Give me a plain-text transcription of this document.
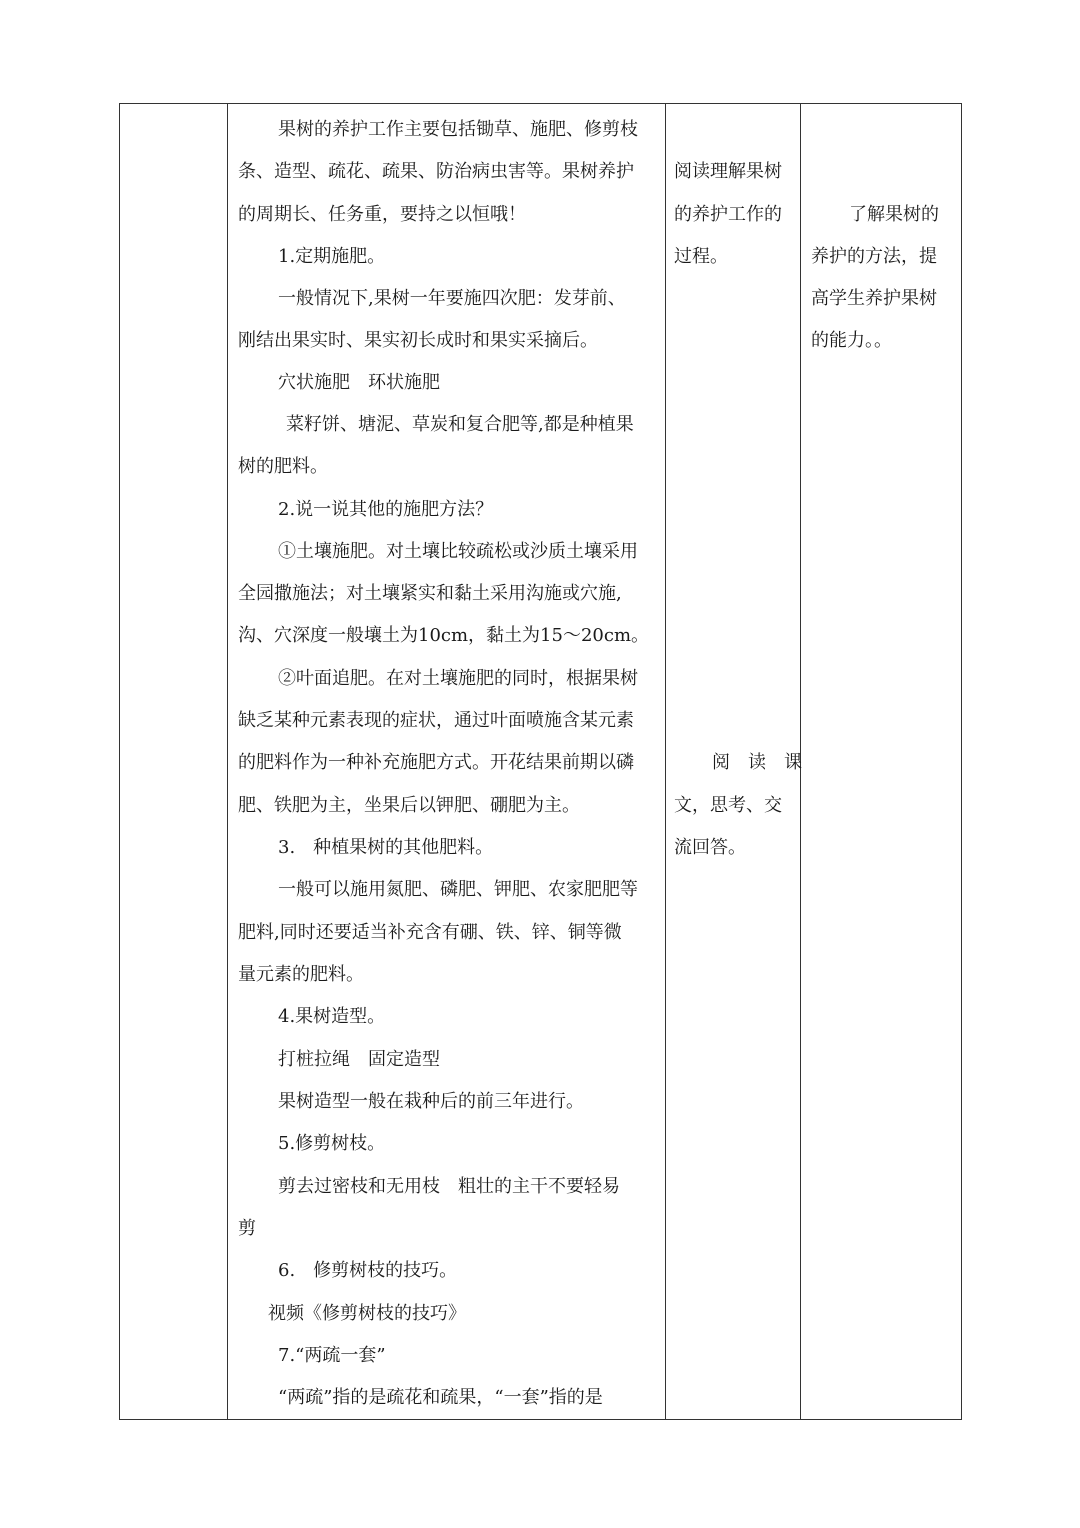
果树的养护工作主要包括锄草、施肥、修剪枝
条、造型、疏花、疏果、防治病虫害等。果树养护
的周期长、任务重，要持之以恒哦！
1.定期施肥。
一般情况下,果树一年要施四次肥：发芽前、
刚结出果实时、果实初长成时和果实采摘后。
穴状施肥　环状施肥
菜籽饼、塘泥、草炭和复合肥等,都是种植果
树的肥料。
2.说一说其他的施肥方法？
①土壤施肥。对土壤比较疏松或沙质土壤采用
全园撒施法；对土壤紧实和黏土采用沟施或穴施,
沟、穴深度一般壤土为10cm，黏土为15～20cm。
②叶面追肥。在对土壤施肥的同时，根据果树
缺乏某种元素表现的症状，通过叶面喷施含某元素
的肥料作为一种补充施肥方式。开花结果前期以磷
肥、铁肥为主，坐果后以钾肥、硼肥为主。
3.　种植果树的其他肥料。
一般可以施用氮肥、磷肥、钾肥、农家肥肥等
肥料,同时还要适当补充含有硼、铁、锌、铜等微
量元素的肥料。
4.果树造型。
打桩拉绳　固定造型
果树造型一般在栽种后的前三年进行。
5.修剪树枝。
剪去过密枝和无用枝　粗壮的主干不要轻易
剪
6.　修剪树枝的技巧。
视频《修剪树枝的技巧》
7.“两疏一套”
“两疏”指的是疏花和疏果，“一套”指的是
阅读理解果树
的养护工作的
过程。
阅　读　课
文，思考、交
流回答。
了解果树的
养护的方法，提
高学生养护果树
的能力。。
